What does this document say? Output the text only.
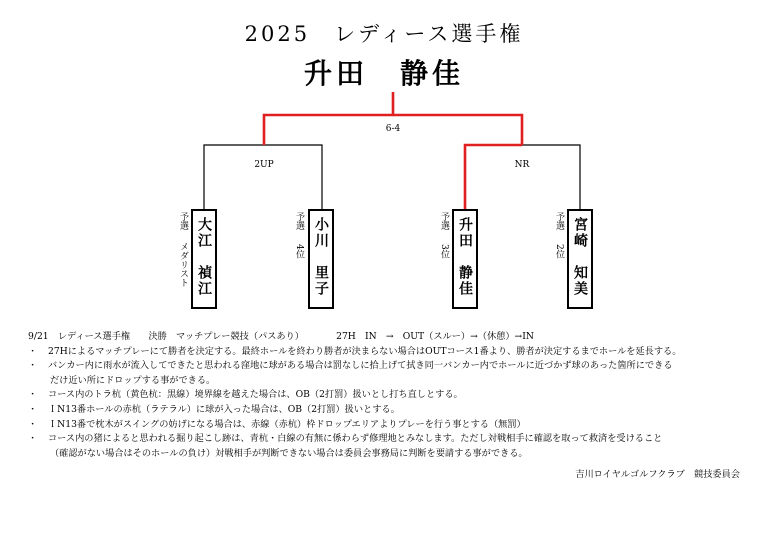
2025　レディース選手権
升田　静佳
6-4
2UP	NR
予選
メダリスト
大江
禎江
予選
4位
小川
里子
予選
3位
升田
静佳
予選
2位
宮崎
知美
9/21　レディース選手権　　決勝　マッチプレー競技（パスあり）　　　　27H　IN　→　OUT（スルー）→（休憩）→IN
・ 27Hによるマッチプレーにて勝者を決定する。最終ホールを終わり勝者が決まらない場合はOUTコース1番より、勝者が決定するまでホールを延長する。
・ バンカー内に雨水が流入してできたと思われる窪地に球がある場合は罰なしに拾上げて拭き同一バンカー内でホールに近づかず球のあった箇所にできる
だけ近い所にドロップする事ができる。
・ コース内のトラ杭（黄色杭：黒線）境界線を越えた場合は、OB（2打罰）扱いとし打ち直しとする。
・ ＩN13番ホールの赤杭（ラテラル）に球が入った場合は、OB（2打罰）扱いとする。
・ ＩN13番で枕木がスイングの妨げになる場合は、赤線（赤杭）枠ドロップエリアよりプレーを行う事とする（無罰）
・ コース内の猪によると思われる掘り起こし跡は、青杭・白線の有無に係わらず修理地とみなします。ただし対戦相手に確認を取って救済を受けること
（確認がない場合はそのホールの負け）対戦相手が判断できない場合は委員会事務局に判断を要請する事ができる。
吉川ロイヤルゴルフクラブ　競技委員会
